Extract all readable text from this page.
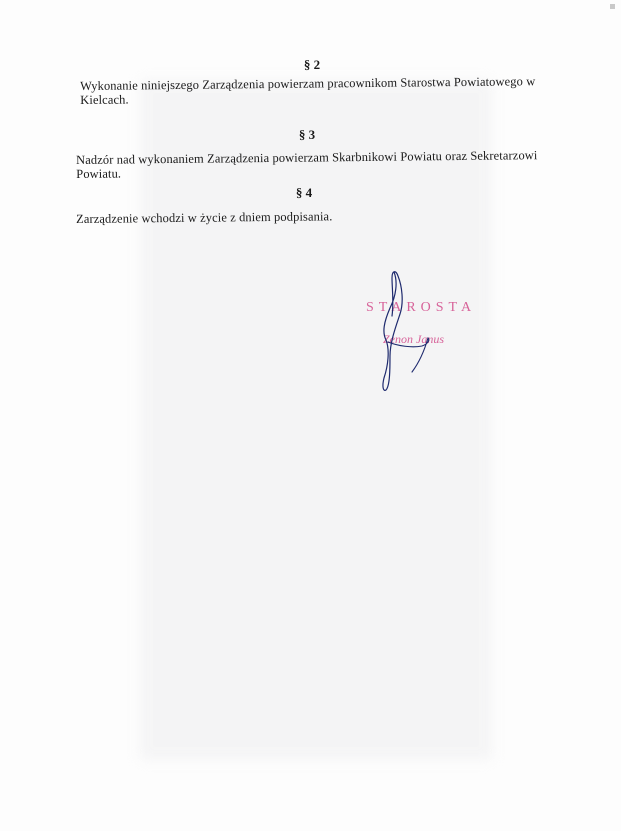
§ 2
Wykonanie niniejszego Zarządzenia powierzam pracownikom Starostwa Powiatowego w
Kielcach.
§ 3
Nadzór nad wykonaniem Zarządzenia powierzam Skarbnikowi Powiatu oraz Sekretarzowi
Powiatu.
§ 4
Zarządzenie wchodzi w życie z dniem podpisania.
STAROSTA
Zenon Janus
